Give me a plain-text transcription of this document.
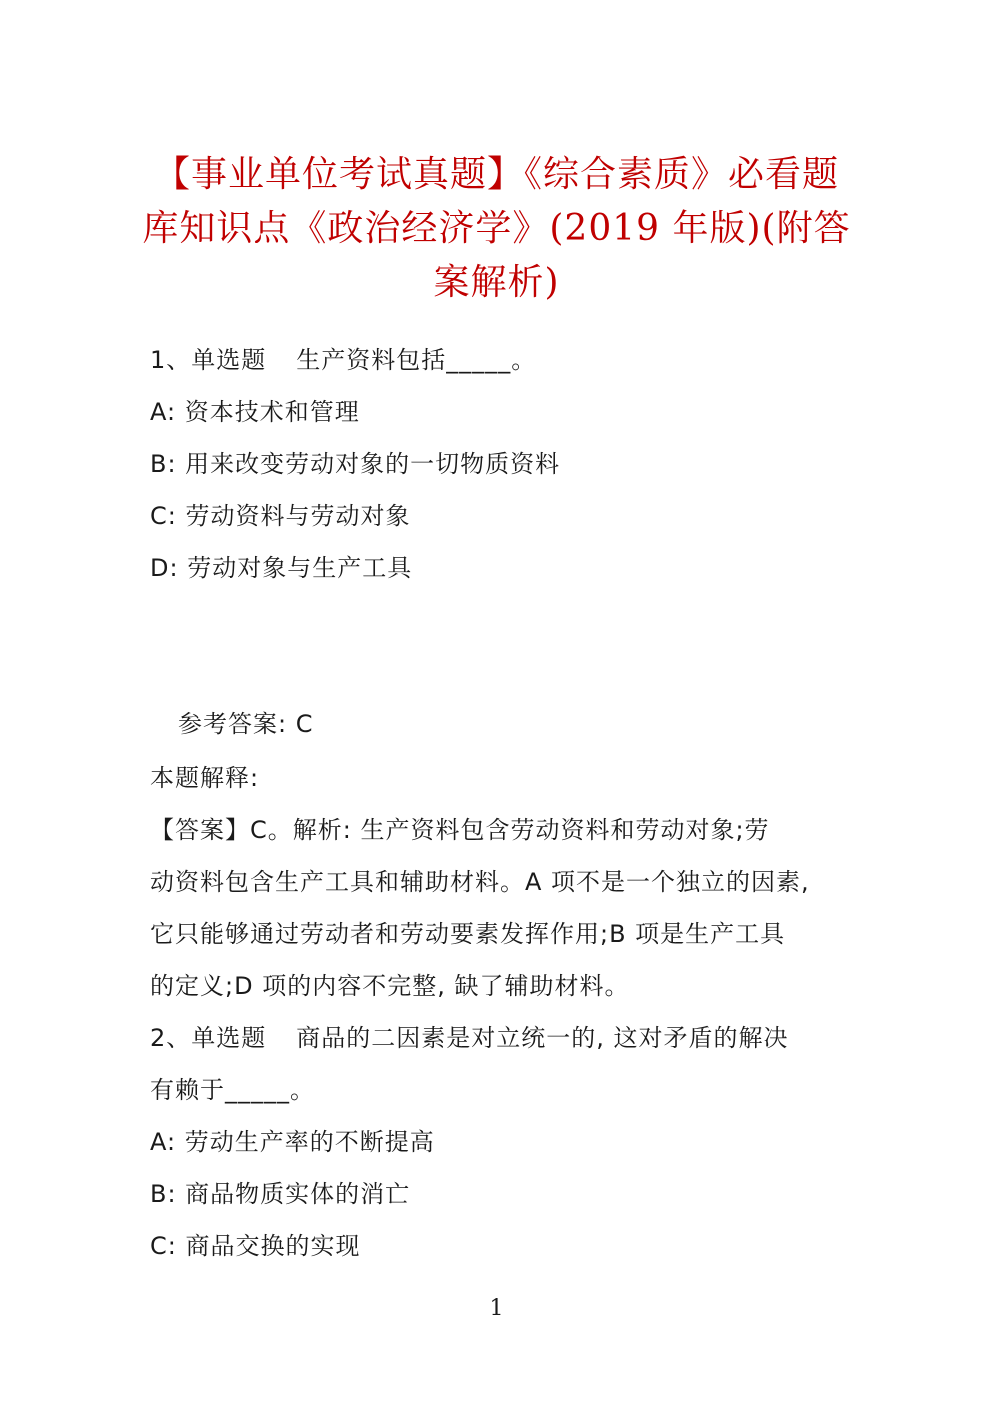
【事业单位考试真题】《综合素质》必看题
库知识点《政治经济学》(2019 年版)(附答
案解析)
1、单选题 生产资料包括_____。
A: 资本技术和管理
B: 用来改变劳动对象的一切物质资料
C: 劳动资料与劳动对象
D: 劳动对象与生产工具
参考答案: C
本题解释:
【答案】C。解析: 生产资料包含劳动资料和劳动对象;劳
动资料包含生产工具和辅助材料。A 项不是一个独立的因素,
它只能够通过劳动者和劳动要素发挥作用;B 项是生产工具
的定义;D 项的内容不完整, 缺了辅助材料。
2、单选题 商品的二因素是对立统一的, 这对矛盾的解决
有赖于_____。
A: 劳动生产率的不断提高
B: 商品物质实体的消亡
C: 商品交换的实现
1
